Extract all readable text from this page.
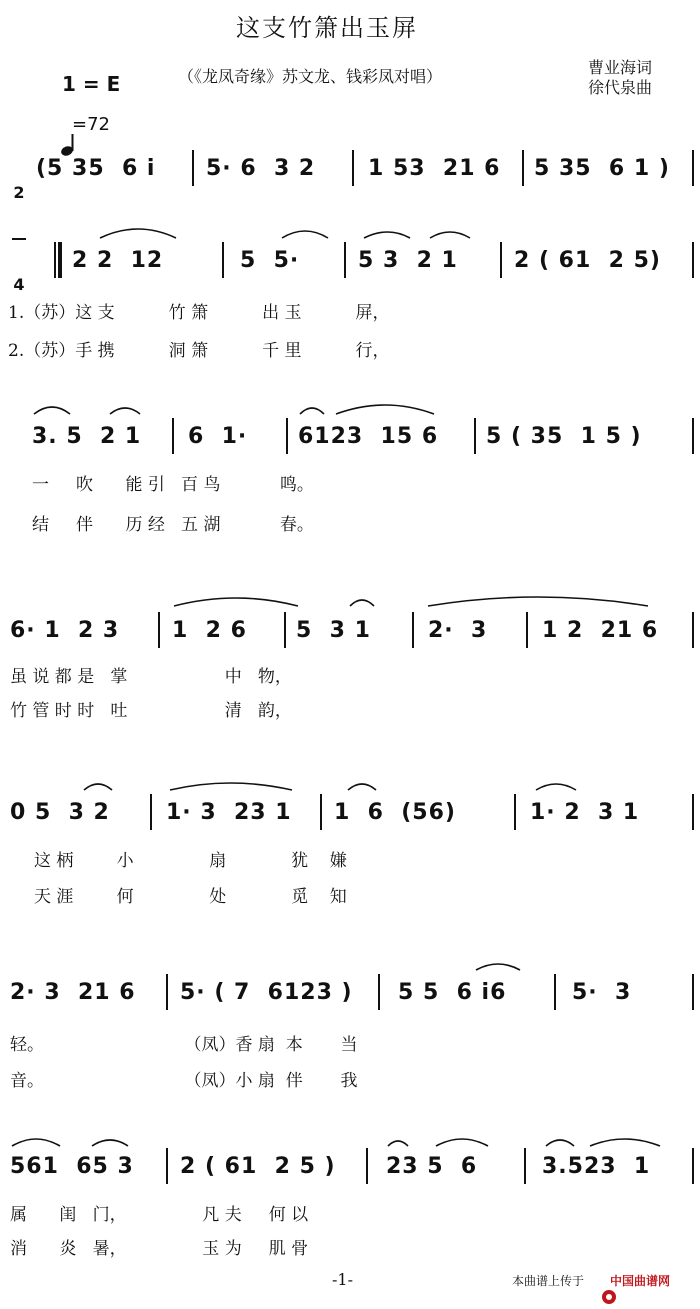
这支竹箫出玉屏
（《龙凤奇缘》苏文龙、钱彩凤对唱）	曹业海词
徐代泉曲
1 = E

=72

2

4

(5 35  6 i 5· 6  3 2 1 53  21 6 5 35  6 1 )
2 2  12	5  5·	5 3  2 1	2 ( 61  2 5)
1.（苏）这 支          竹 箫          出 玉          屏，
2.（苏）手 携          洞 箫          千 里          行，
3. 5  2 1 6  1· 6123  15 6 5 ( 35  1 5 )
一     吹      能 引   百 鸟           鸣。
结     伴      历 经   五 湖           春。
6· 1  2 3 1  2 6 5  3 1	2·  3 1 2  21 6
虽 说 都 是   掌                  中   物，
竹 管 时 时   吐                  清   韵，
0 5  3 2	1· 3  23 1 1  6  (56)	1· 2  3 1
这 柄        小              扇            犹    嫌
天 涯        何              处            觅    知
2· 3  21 6 5· ( 7  6123 ) 5 5  6 i6	5·  3
轻。                          （凤）香 扇  本       当
音。                          （凤）小 扇  伴       我
561  65 3 2 ( 61  2 5 ) 23 5  6	3.523  1
属      闺   门，              凡 夫     何 以
消      炎   暑，              玉 为     肌 骨
-1-	本曲谱上传于

中国曲谱网
